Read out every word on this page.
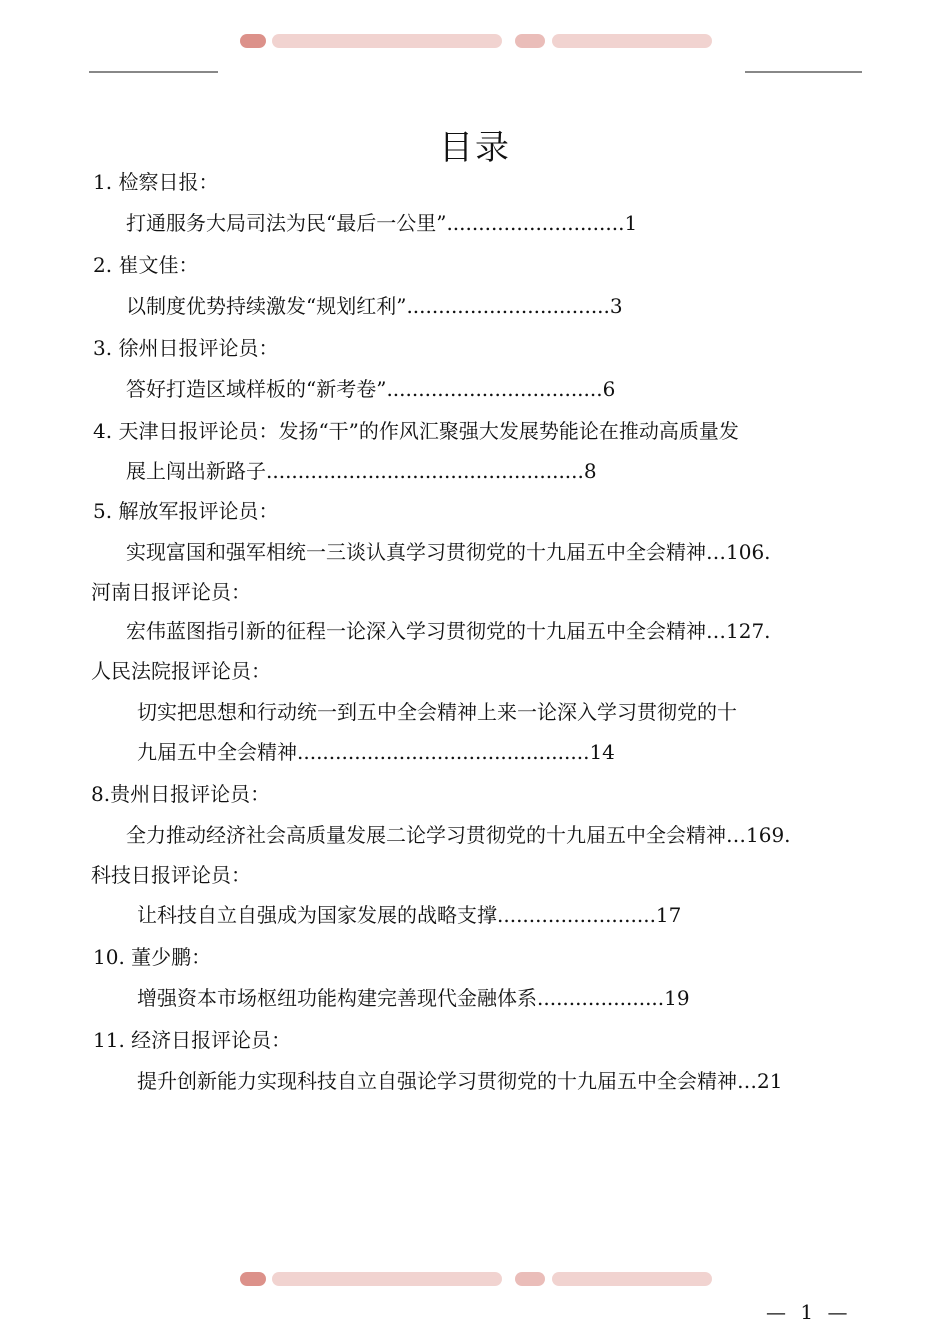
目录
1. 检察日报：
打通服务大局司法为民“最后一公里”............................1
2. 崔文佳：
以制度优势持续激发“规划红利”................................3
3. 徐州日报评论员：
答好打造区域样板的“新考卷”..................................6
4. 天津日报评论员：发扬“干”的作风汇聚强大发展势能论在推动高质量发
展上闯出新路子..................................................8
5. 解放军报评论员：
实现富国和强军相统一三谈认真学习贯彻党的十九届五中全会精神…106.
河南日报评论员：
宏伟蓝图指引新的征程一论深入学习贯彻党的十九届五中全会精神…127.
人民法院报评论员：
切实把思想和行动统一到五中全会精神上来一论深入学习贯彻党的十
九届五中全会精神..............................................14
8.贵州日报评论员：
全力推动经济社会高质量发展二论学习贯彻党的十九届五中全会精神…169.
科技日报评论员：
让科技自立自强成为国家发展的战略支撑.........................17
10. 董少鹏：
增强资本市场枢纽功能构建完善现代金融体系....................19
11. 经济日报评论员：
提升创新能力实现科技自立自强论学习贯彻党的十九届五中全会精神…21
— 1 —
